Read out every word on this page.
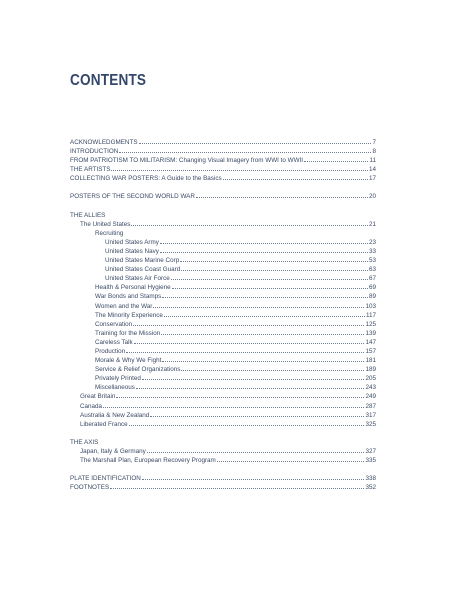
CONTENTS
ACKNOWLEDGMENTS	7
INTRODUCTION	8
FROM PATRIOTISM TO MILITARISM: Changing Visual Imagery from WWI to WWII	11
THE ARTISTS	14
COLLECTING WAR POSTERS: A Guide to the Basics	17
POSTERS OF THE SECOND WORLD WAR	20
THE ALLIES
The United States	21
Recruiting
United States Army	23
United States Navy	33
United States Marine Corp	53
United States Coast Guard	63
United States Air Force	67
Health & Personal Hygiene	69
War Bonds and Stamps	89
Women and the War	103
The Minority Experience	117
Conservation	125
Training for the Mission	139
Careless Talk	147
Production	157
Morale & Why We Fight	181
Service & Relief Organizations	189
Privately Printed	205
Miscellaneous	243
Great Britain	249
Canada	287
Australia & New Zealand	317
Liberated France	325
THE AXIS
Japan, Italy & Germany	327
The Marshall Plan, European Recovery Program	335
PLATE IDENTIFICATION	338
FOOTNOTES	352
